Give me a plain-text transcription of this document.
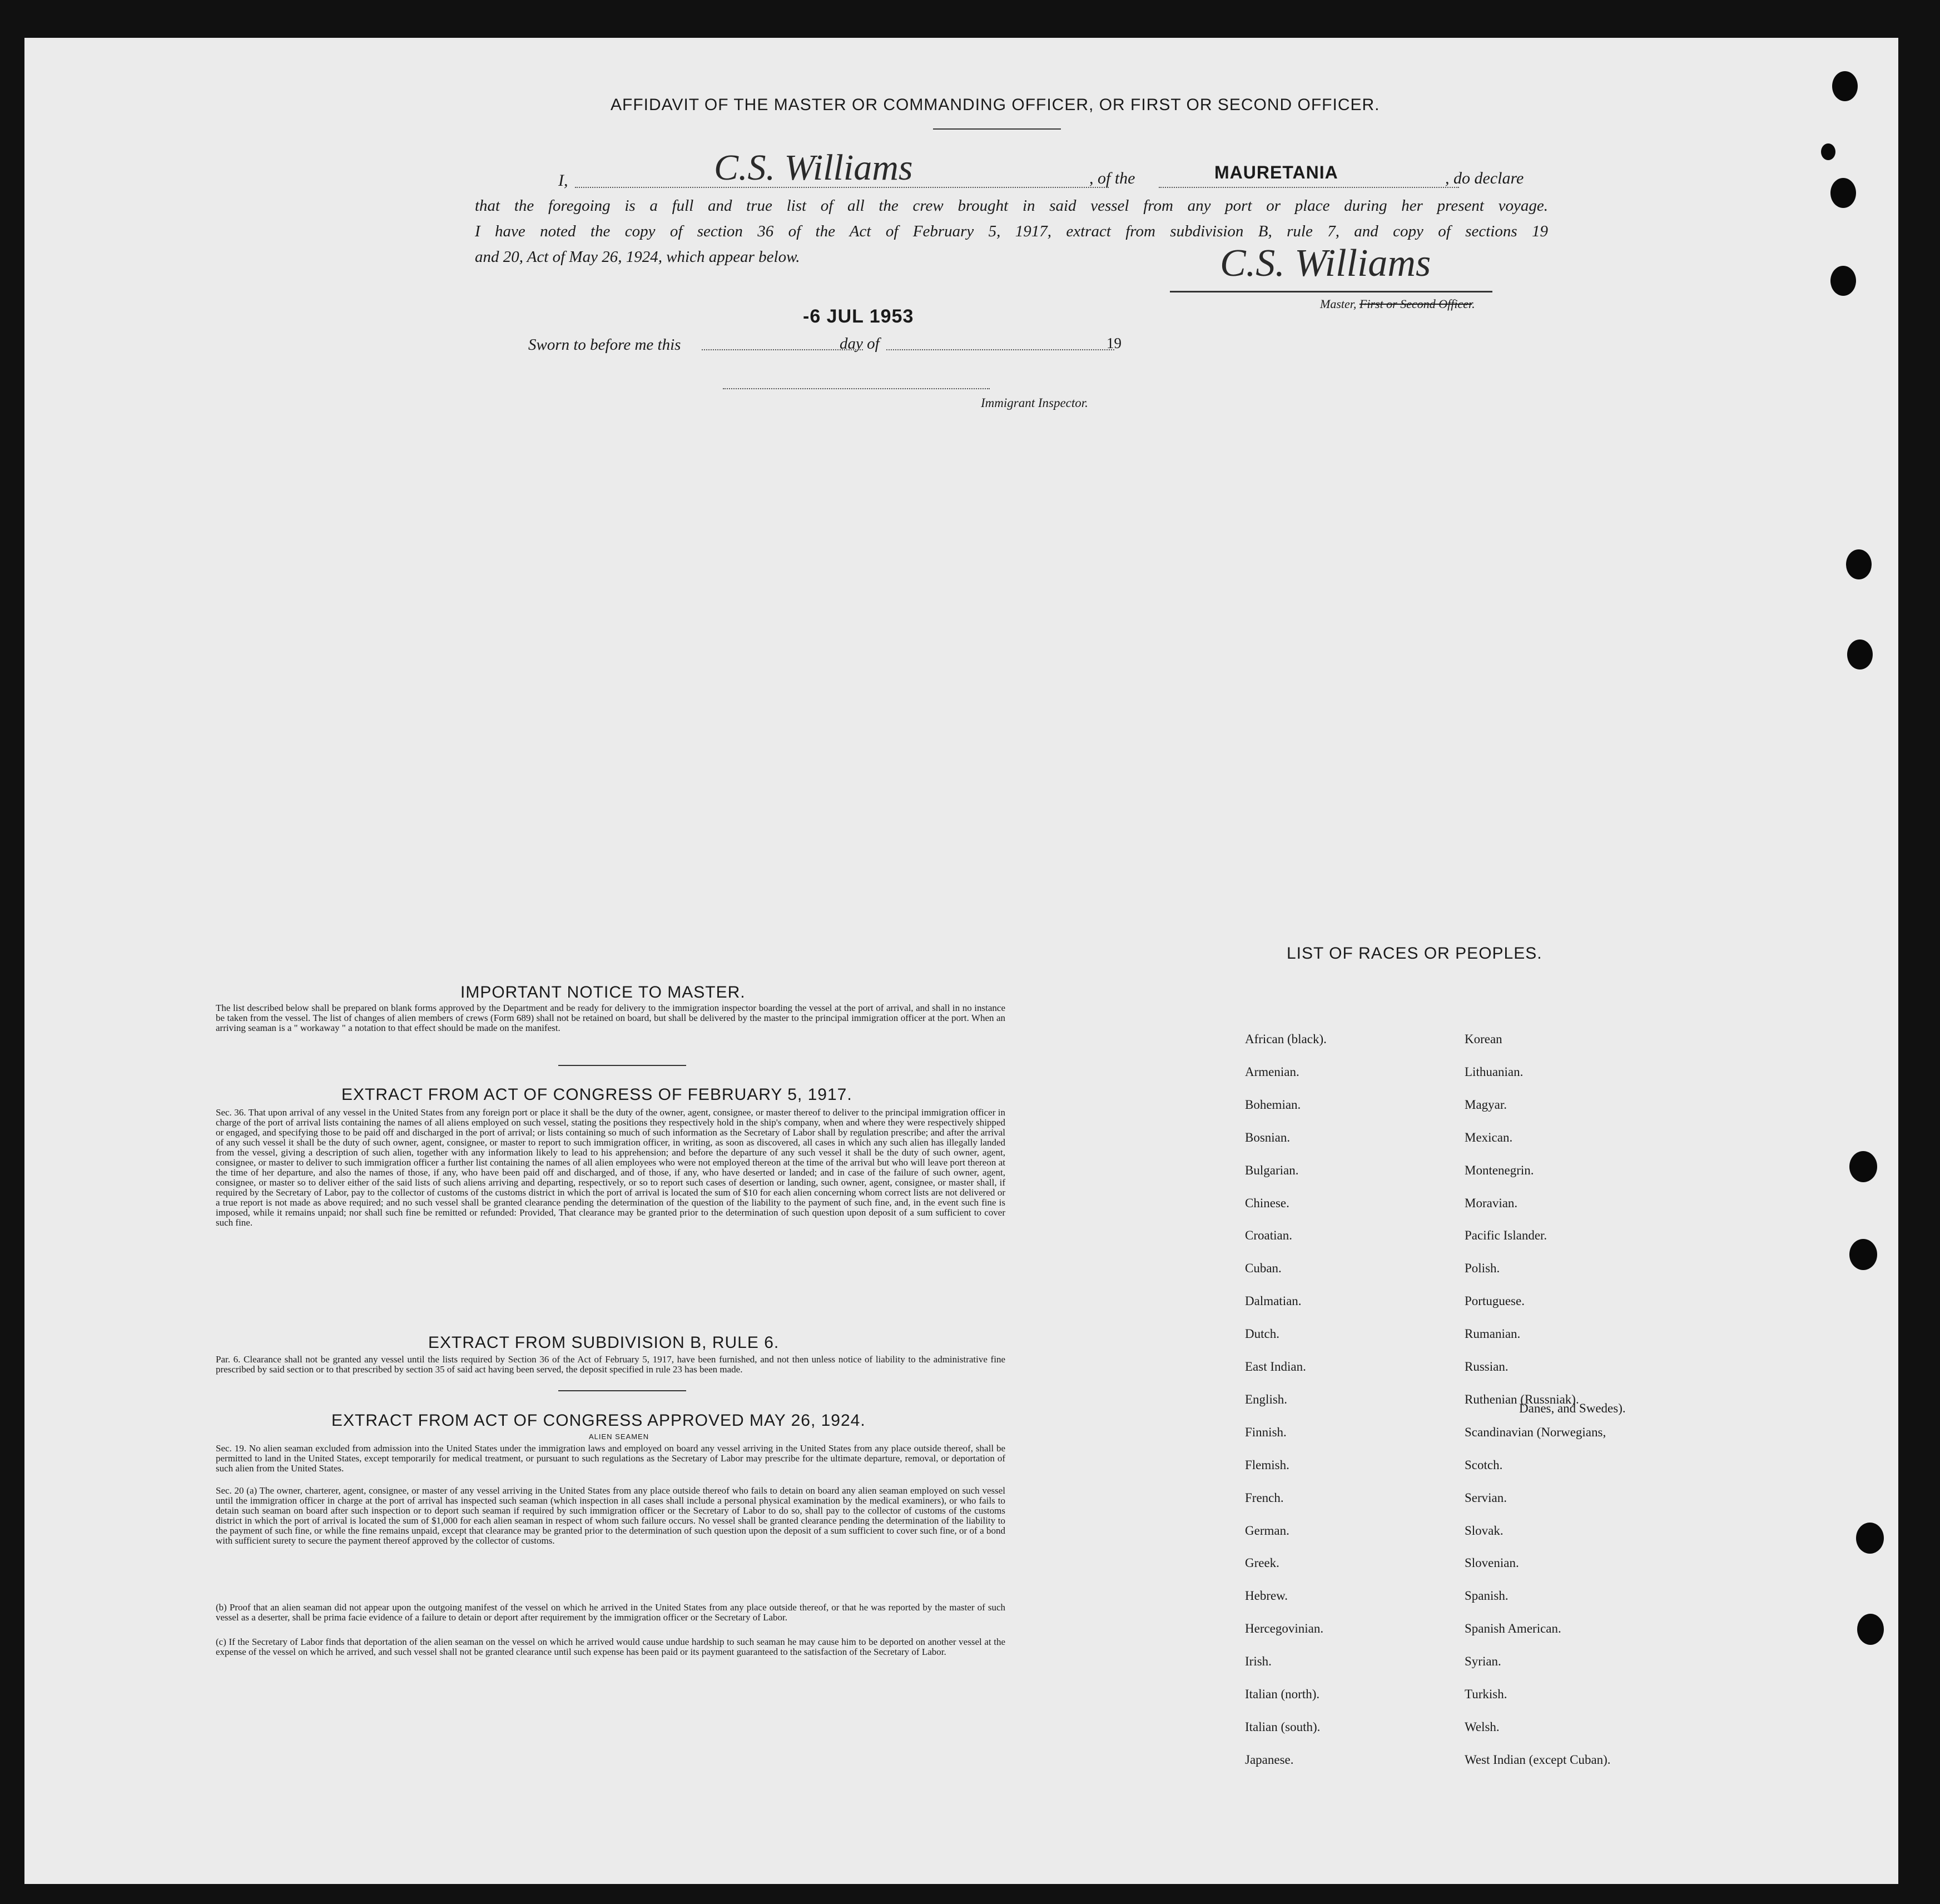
AFFIDAVIT OF THE MASTER OR COMMANDING OFFICER, OR FIRST OR SECOND OFFICER.
I,	C.S. Williams	, of the	MAURETANIA	, do declare
that the foregoing is a full and true list of all the crew brought in said vessel from any port or place during her present voyage.
I have noted the copy of section 36 of the Act of February 5, 1917, extract from subdivision B, rule 7, and copy of sections 19
and 20, Act of May 26, 1924, which appear below.	C.S. Williams
Master, First or Second Officer.
-6 JUL 1953
Sworn to before me this	day of	19
Immigrant Inspector.
IMPORTANT NOTICE TO MASTER.
The list described below shall be prepared on blank forms approved by the Department and be ready for delivery to the immigration inspector boarding the vessel at the port of arrival, and shall in no instance be taken from the vessel. The list of changes of alien members of crews (Form 689) shall not be retained on board, but shall be delivered by the master to the principal immigration officer at the port. When an arriving seaman is a " workaway " a notation to that effect should be made on the manifest.
EXTRACT FROM ACT OF CONGRESS OF FEBRUARY 5, 1917.
Sec. 36. That upon arrival of any vessel in the United States from any foreign port or place it shall be the duty of the owner, agent, consignee, or master thereof to deliver to the principal immigration officer in charge of the port of arrival lists containing the names of all aliens employed on such vessel, stating the positions they respectively hold in the ship's company, when and where they were respectively shipped or engaged, and specifying those to be paid off and discharged in the port of arrival; or lists containing so much of such information as the Secretary of Labor shall by regulation prescribe; and after the arrival of any such vessel it shall be the duty of such owner, agent, consignee, or master to report to such immigration officer, in writing, as soon as discovered, all cases in which any such alien has illegally landed from the vessel, giving a description of such alien, together with any information likely to lead to his apprehension; and before the departure of any such vessel it shall be the duty of such owner, agent, consignee, or master to deliver to such immigration officer a further list containing the names of all alien employees who were not employed thereon at the time of the arrival but who will leave port thereon at the time of her departure, and also the names of those, if any, who have been paid off and discharged, and of those, if any, who have deserted or landed; and in case of the failure of such owner, agent, consignee, or master so to deliver either of the said lists of such aliens arriving and departing, respectively, or so to report such cases of desertion or landing, such owner, agent, consignee, or master shall, if required by the Secretary of Labor, pay to the collector of customs of the customs district in which the port of arrival is located the sum of $10 for each alien concerning whom correct lists are not delivered or a true report is not made as above required; and no such vessel shall be granted clearance pending the determination of the question of the liability to the payment of such fine, and, in the event such fine is imposed, while it remains unpaid; nor shall such fine be remitted or refunded: Provided, That clearance may be granted prior to the determination of such question upon deposit of a sum sufficient to cover such fine.
EXTRACT FROM SUBDIVISION B, RULE 6.
Par. 6. Clearance shall not be granted any vessel until the lists required by Section 36 of the Act of February 5, 1917, have been furnished, and not then unless notice of liability to the administrative fine prescribed by said section or to that prescribed by section 35 of said act having been served, the deposit specified in rule 23 has been made.
EXTRACT FROM ACT OF CONGRESS APPROVED MAY 26, 1924.
ALIEN SEAMEN
Sec. 19. No alien seaman excluded from admission into the United States under the immigration laws and employed on board any vessel arriving in the United States from any place outside thereof, shall be permitted to land in the United States, except temporarily for medical treatment, or pursuant to such regulations as the Secretary of Labor may prescribe for the ultimate departure, removal, or deportation of such alien from the United States.
Sec. 20 (a) The owner, charterer, agent, consignee, or master of any vessel arriving in the United States from any place outside thereof who fails to detain on board any alien seaman employed on such vessel until the immigration officer in charge at the port of arrival has inspected such seaman (which inspection in all cases shall include a personal physical examination by the medical examiners), or who fails to detain such seaman on board after such inspection or to deport such seaman if required by such immigration officer or the Secretary of Labor to do so, shall pay to the collector of customs of the customs district in which the port of arrival is located the sum of $1,000 for each alien seaman in respect of whom such failure occurs. No vessel shall be granted clearance pending the determination of the liability to the payment of such fine, or while the fine remains unpaid, except that clearance may be granted prior to the determination of such question upon the deposit of a sum sufficient to cover such fine, or of a bond with sufficient surety to secure the payment thereof approved by the collector of customs.
(b) Proof that an alien seaman did not appear upon the outgoing manifest of the vessel on which he arrived in the United States from any place outside thereof, or that he was reported by the master of such vessel as a deserter, shall be prima facie evidence of a failure to detain or deport after requirement by the immigration officer or the Secretary of Labor.
(c) If the Secretary of Labor finds that deportation of the alien seaman on the vessel on which he arrived would cause undue hardship to such seaman he may cause him to be deported on another vessel at the expense of the vessel on which he arrived, and such vessel shall not be granted clearance until such expense has been paid or its payment guaranteed to the satisfaction of the Secretary of Labor.
LIST OF RACES OR PEOPLES.
African (black).
Armenian.
Bohemian.
Bosnian.
Bulgarian.
Chinese.
Croatian.
Cuban.
Dalmatian.
Dutch.
East Indian.
English.
Finnish.
Flemish.
French.
German.
Greek.
Hebrew.
Hercegovinian.
Irish.
Italian (north).
Italian (south).
Japanese.
Korean
Lithuanian.
Magyar.
Mexican.
Montenegrin.
Moravian.
Pacific Islander.
Polish.
Portuguese.
Rumanian.
Russian.
Ruthenian (Russniak).
Scandinavian (Norwegians,
Scotch.
Servian.
Slovak.
Slovenian.
Spanish.
Spanish American.
Syrian.
Turkish.
Welsh.
West Indian (except Cuban).
Danes, and Swedes).
